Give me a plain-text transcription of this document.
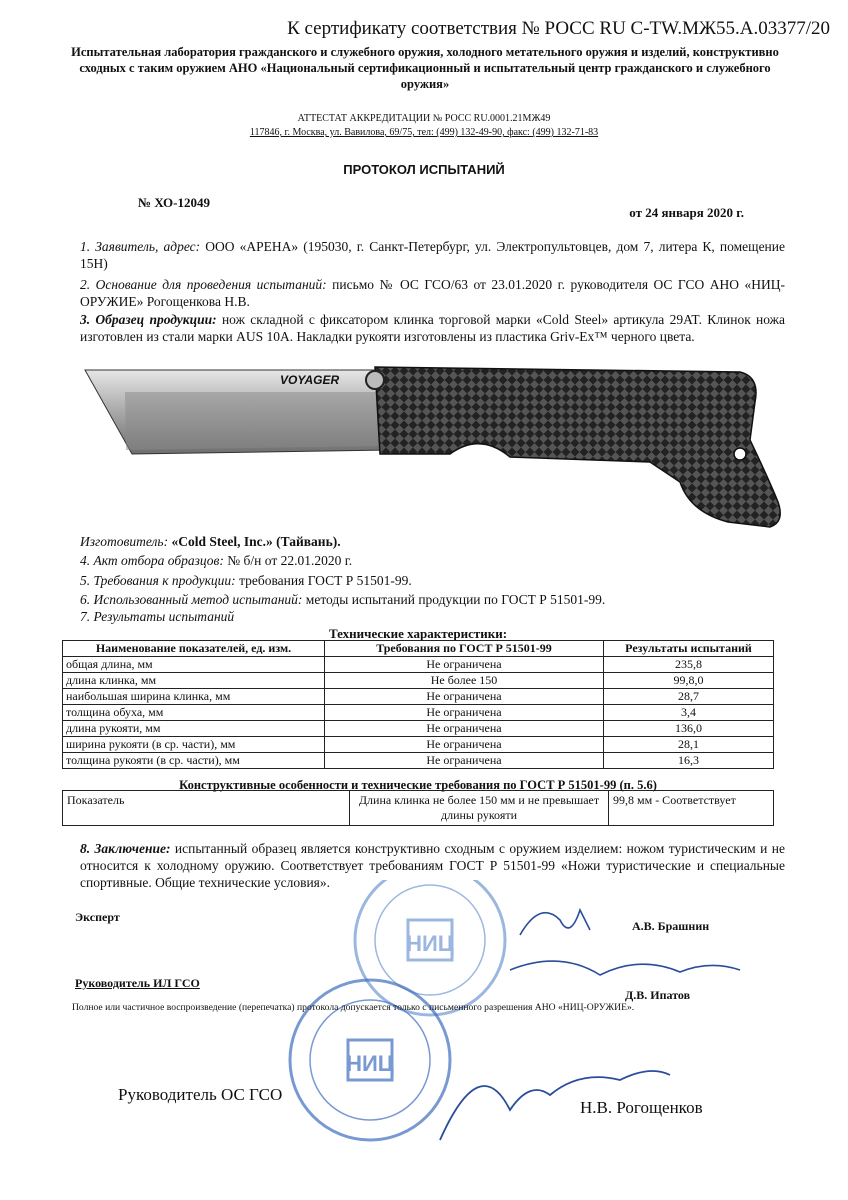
К сертификату соответствия № РОСС RU С-TW.МЖ55.А.03377/20
Испытательная лаборатория гражданского и служебного оружия, холодного метательного оружия и изделий, конструктивно сходных с таким оружием АНО «Национальный сертификационный и испытательный центр гражданского и служебного оружия»
АТТЕСТАТ АККРЕДИТАЦИИ № РОСС RU.0001.21МЖ49
117846, г. Москва, ул. Вавилова, 69/75, тел: (499) 132-49-90, факс: (499) 132-71-83
ПРОТОКОЛ ИСПЫТАНИЙ
№ ХО-12049
от 24 января 2020 г.
1. Заявитель, адрес: ООО «АРЕНА» (195030, г. Санкт-Петербург, ул. Электропультовцев, дом 7, литера К, помещение 15Н)
2. Основание для проведения испытаний: письмо № ОС ГСО/63 от 23.01.2020 г. руководителя ОС ГСО АНО «НИЦ-ОРУЖИЕ» Рогощенкова Н.В.
3. Образец продукции: нож складной с фиксатором клинка торговой марки «Cold Steel» артикула 29AT. Клинок ножа изготовлен из стали марки AUS 10A. Накладки рукояти изготовлены из пластика Griv-Ex™ черного цвета.
VOYAGER
Изготовитель: «Cold Steel, Inc.» (Тайвань).
4. Акт отбора образцов: № б/н от 22.01.2020 г.
5. Требования к продукции: требования ГОСТ Р 51501-99.
6. Использованный метод испытаний: методы испытаний продукции по ГОСТ Р 51501-99.
7. Результаты испытаний
Технические характеристики:
Наименование показателей, ед. изм.	Требования по ГОСТ Р 51501-99	Результаты испытаний
общая длина, мм	Не ограничена	235,8
длина клинка, мм	Не более 150	99,8,0
наибольшая ширина клинка, мм	Не ограничена	28,7
толщина обуха, мм	Не ограничена	3,4
длина рукояти, мм	Не ограничена	136,0
ширина рукояти (в ср. части), мм	Не ограничена	28,1
толщина рукояти (в ср. части), мм	Не ограничена	16,3
Конструктивные особенности и технические требования по ГОСТ Р 51501-99 (п. 5.6)
Показатель	Длина клинка не более 150 мм и не превышает длины рукояти	99,8 мм - Соответствует
8. Заключение: испытанный образец является конструктивно сходным с оружием изделием: ножом туристическим и не относится к холодному оружию. Соответствует требованиям ГОСТ Р 51501-99 «Ножи туристические и специальные спортивные. Общие технические условия».
НИЦ
НИЦ
Эксперт
А.В. Брашнин
Руководитель ИЛ ГСО
Д.В. Ипатов
Полное или частичное воспроизведение (перепечатка) протокола допускается только с письменного разрешения АНО «НИЦ-ОРУЖИЕ».
Руководитель ОС ГСО
Н.В. Рогощенков
